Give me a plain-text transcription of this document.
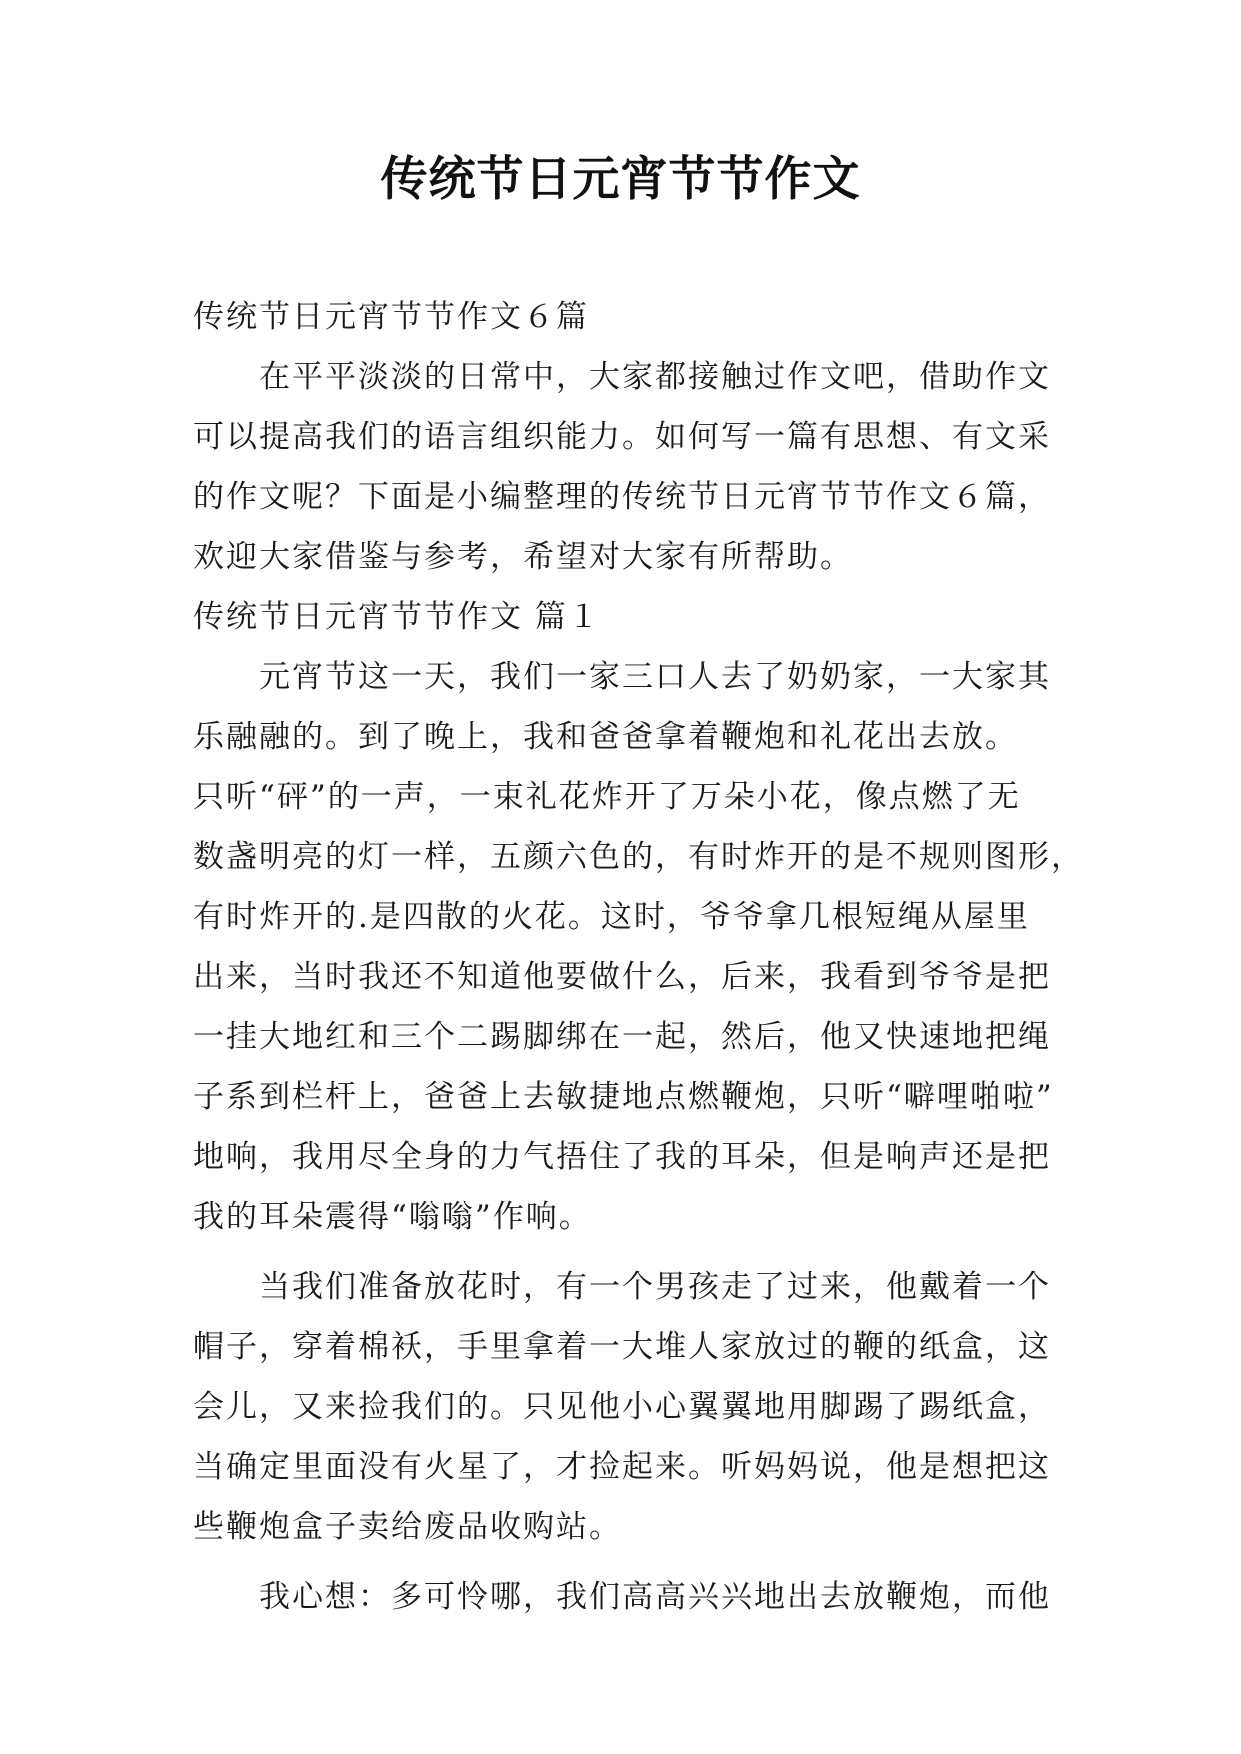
传统节日元宵节节作文
传统节日元宵节节作文６篇
在平平淡淡的日常中，大家都接触过作文吧，借助作文
可以提高我们的语言组织能力。如何写一篇有思想、有文采
的作文呢？下面是小编整理的传统节日元宵节节作文６篇，
欢迎大家借鉴与参考，希望对大家有所帮助。
传统节日元宵节节作文 篇１
元宵节这一天，我们一家三口人去了奶奶家，一大家其
乐融融的。到了晚上，我和爸爸拿着鞭炮和礼花出去放。
只听“砰”的一声，一束礼花炸开了万朵小花，像点燃了无
数盏明亮的灯一样，五颜六色的，有时炸开的是不规则图形，
有时炸开的.是四散的火花。这时，爷爷拿几根短绳从屋里
出来，当时我还不知道他要做什么，后来，我看到爷爷是把
一挂大地红和三个二踢脚绑在一起，然后，他又快速地把绳
子系到栏杆上，爸爸上去敏捷地点燃鞭炮，只听“噼哩啪啦”
地响，我用尽全身的力气捂住了我的耳朵，但是响声还是把
我的耳朵震得“嗡嗡”作响。
当我们准备放花时，有一个男孩走了过来，他戴着一个
帽子，穿着棉袄，手里拿着一大堆人家放过的鞭的纸盒，这
会儿，又来捡我们的。只见他小心翼翼地用脚踢了踢纸盒，
当确定里面没有火星了，才捡起来。听妈妈说，他是想把这
些鞭炮盒子卖给废品收购站。
我心想：多可怜哪，我们高高兴兴地出去放鞭炮，而他
